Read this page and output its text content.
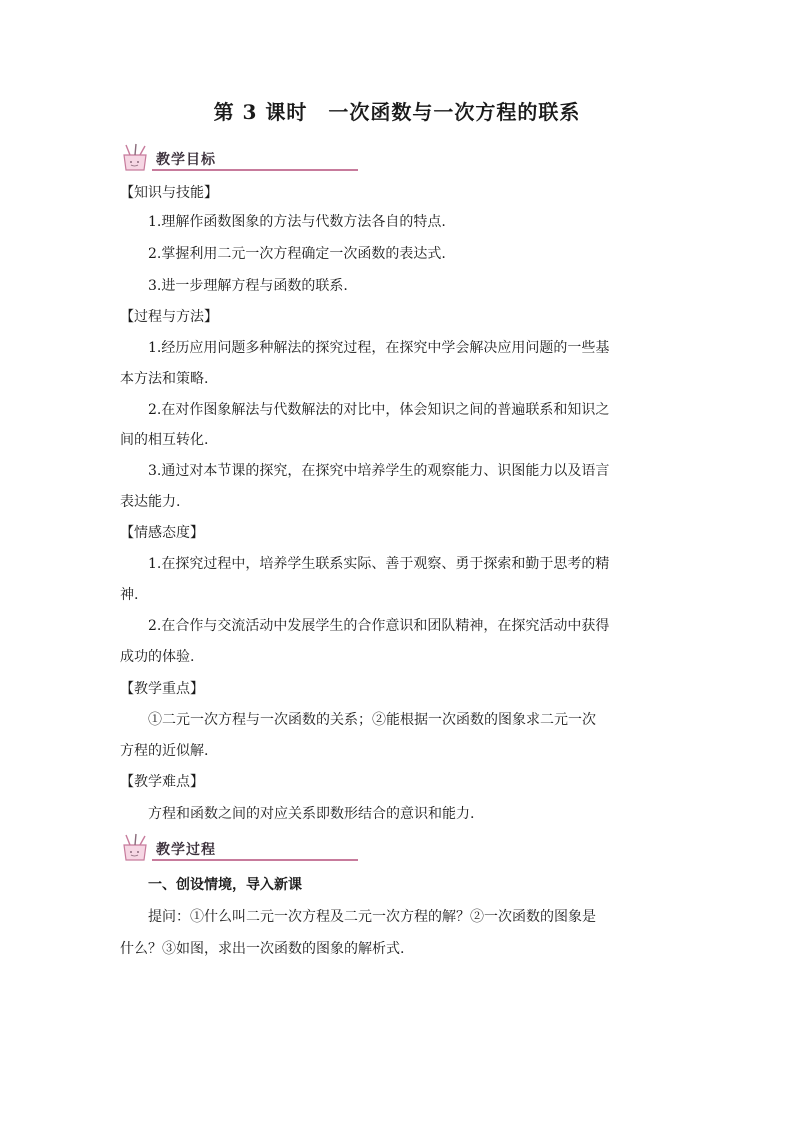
第 3 课时　一次函数与一次方程的联系
教学目标
【知识与技能】
1.理解作函数图象的方法与代数方法各自的特点.
2.掌握利用二元一次方程确定一次函数的表达式.
3.进一步理解方程与函数的联系.
【过程与方法】
1.经历应用问题多种解法的探究过程，在探究中学会解决应用问题的一些基
本方法和策略.
2.在对作图象解法与代数解法的对比中，体会知识之间的普遍联系和知识之
间的相互转化.
3.通过对本节课的探究，在探究中培养学生的观察能力、识图能力以及语言
表达能力.
【情感态度】
1.在探究过程中，培养学生联系实际、善于观察、勇于探索和勤于思考的精
神.
2.在合作与交流活动中发展学生的合作意识和团队精神，在探究活动中获得
成功的体验.
【教学重点】
①二元一次方程与一次函数的关系；②能根据一次函数的图象求二元一次
方程的近似解.
【教学难点】
方程和函数之间的对应关系即数形结合的意识和能力.
教学过程
一、创设情境，导入新课
提问：①什么叫二元一次方程及二元一次方程的解？②一次函数的图象是
什么？③如图，求出一次函数的图象的解析式.
